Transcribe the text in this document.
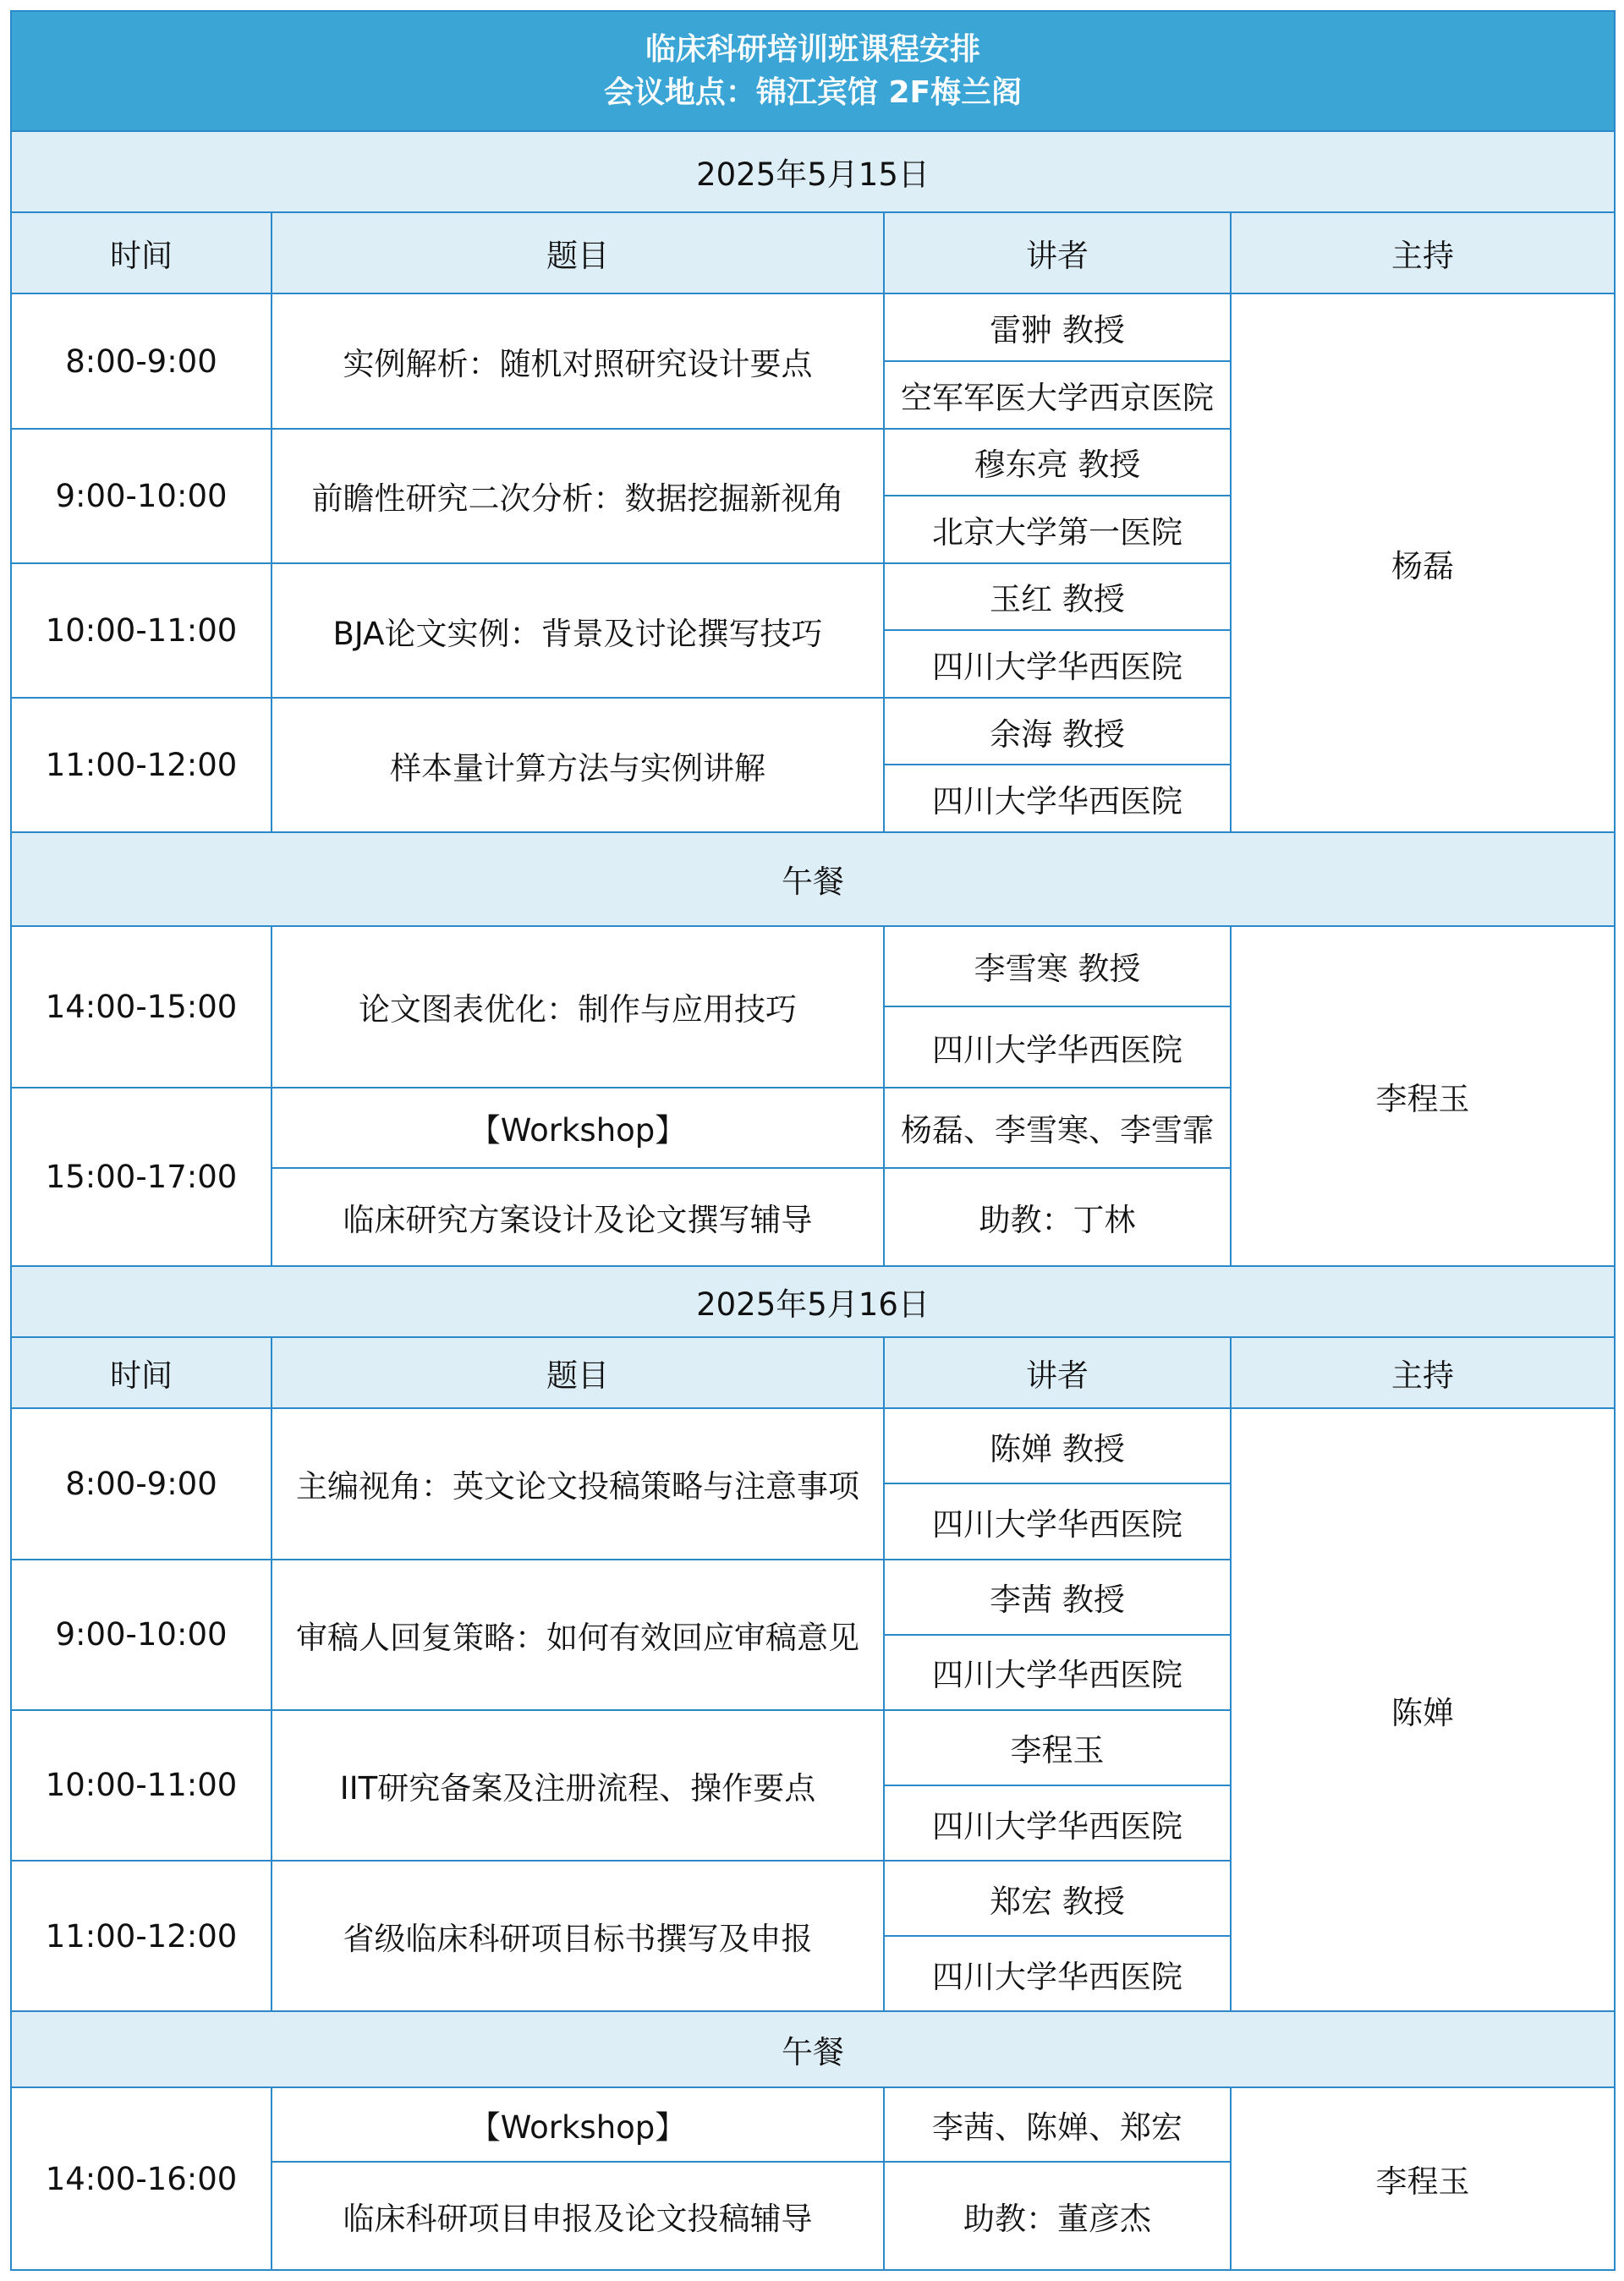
临床科研培训班课程安排
会议地点：锦江宾馆 2F梅兰阁			

2025年5月15日			
时间	题目	讲者	主持
8:00-9:00	实例解析：随机对照研究设计要点	雷翀 教授	杨磊
		空军军医大学西京医院	
9:00-10:00	前瞻性研究二次分析：数据挖掘新视角	穆东亮 教授	
		北京大学第一医院	
10:00-11:00	BJA论文实例：背景及讨论撰写技巧	玉红 教授	
		四川大学华西医院	
11:00-12:00	样本量计算方法与实例讲解	余海 教授	
		四川大学华西医院	
午餐			
14:00-15:00	论文图表优化：制作与应用技巧	李雪寒 教授	李程玉
		四川大学华西医院	
15:00-17:00	【Workshop】	杨磊、李雪寒、李雪霏	
	临床研究方案设计及论文撰写辅导	助教：丁林	
2025年5月16日			
时间	题目	讲者	主持
8:00-9:00	主编视角：英文论文投稿策略与注意事项	陈婵 教授	陈婵
		四川大学华西医院	
9:00-10:00	审稿人回复策略：如何有效回应审稿意见	李茜 教授	
		四川大学华西医院	
10:00-11:00	IIT研究备案及注册流程、操作要点	李程玉	
		四川大学华西医院	
11:00-12:00	省级临床科研项目标书撰写及申报	郑宏 教授	
		四川大学华西医院	
午餐			
14:00-16:00	【Workshop】	李茜、陈婵、郑宏	李程玉
	临床科研项目申报及论文投稿辅导	助教：董彦杰	
